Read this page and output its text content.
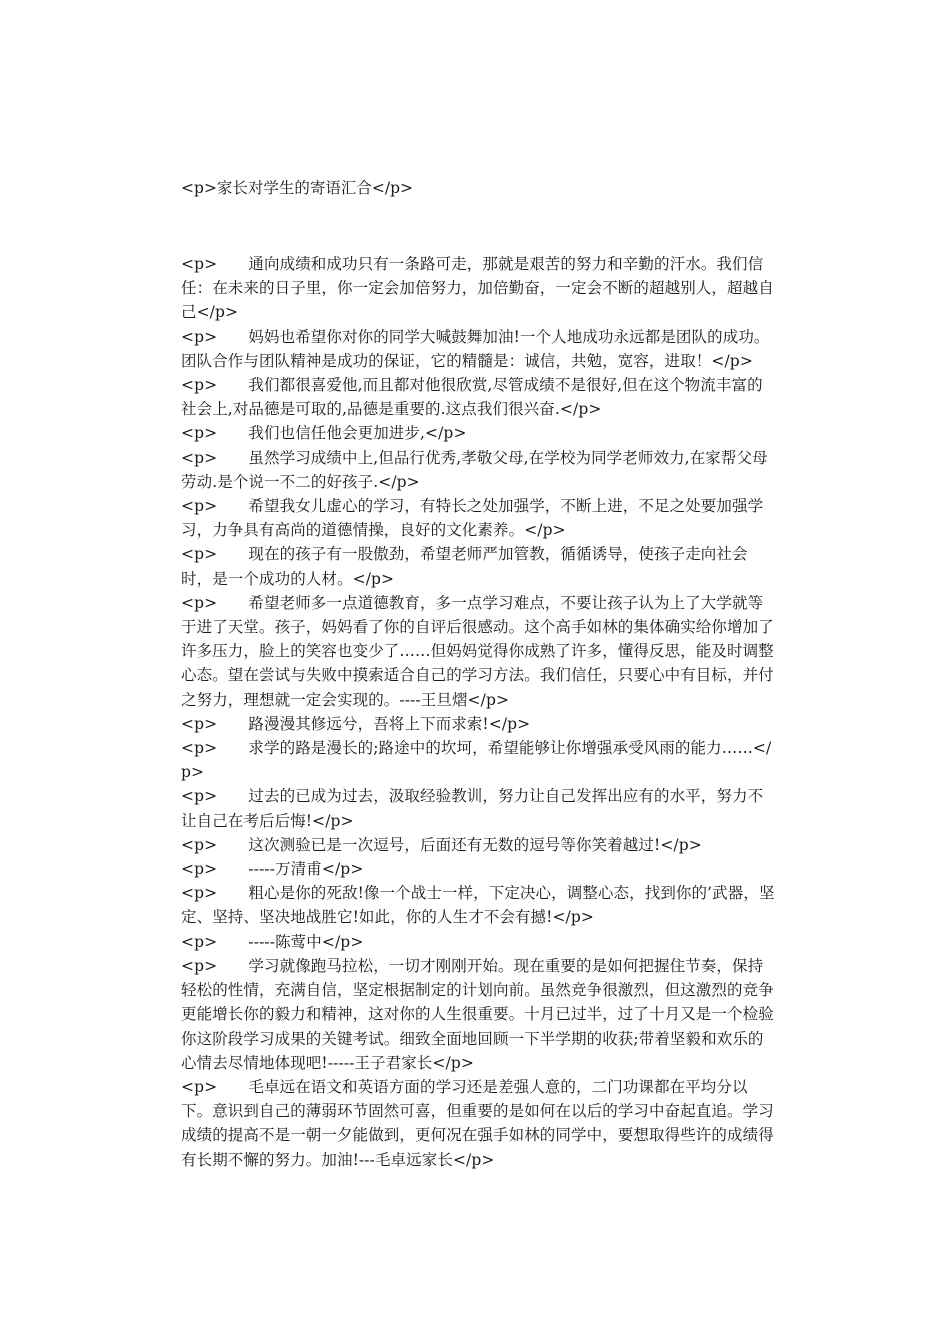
<p>家长对学生的寄语汇合</p>

<p>　　通向成绩和成功只有一条路可走，那就是艰苦的努力和辛勤的汗水。我们信任：在未来的日子里，你一定会加倍努力，加倍勤奋，一定会不断的超越别人，超越自己</p>

<p>　　妈妈也希望你对你的同学大喊鼓舞加油!一个人地成功永远都是团队的成功。团队合作与团队精神是成功的保证，它的精髓是：诚信，共勉，宽容，进取！</p>

<p>　　我们都很喜爱他,而且都对他很欣赏,尽管成绩不是很好,但在这个物流丰富的社会上,对品德是可取的,品德是重要的.这点我们很兴奋.</p>

<p>　　我们也信任他会更加进步,</p>

<p>　　虽然学习成绩中上,但品行优秀,孝敬父母,在学校为同学老师效力,在家帮父母劳动.是个说一不二的好孩子.</p>

<p>　　希望我女儿虚心的学习，有特长之处加强学，不断上进，不足之处要加强学习，力争具有高尚的道德情操，良好的文化素养。</p>

<p>　　现在的孩子有一股傲劲，希望老师严加管教，循循诱导，使孩子走向社会时，是一个成功的人材。</p>

<p>　　希望老师多一点道德教育，多一点学习难点，不要让孩子认为上了大学就等于进了天堂。孩子，妈妈看了你的自评后很感动。这个高手如林的集体确实给你增加了许多压力，脸上的笑容也变少了……但妈妈觉得你成熟了许多，懂得反思，能及时调整心态。望在尝试与失败中摸索适合自己的学习方法。我们信任，只要心中有目标，并付之努力，理想就一定会实现的。----王旦熠</p>

<p>　　路漫漫其修远兮，吾将上下而求索!</p>

<p>　　求学的路是漫长的;路途中的坎坷，希望能够让你增强承受风雨的能力……</p>

<p>　　过去的已成为过去，汲取经验教训，努力让自己发挥出应有的水平，努力不让自己在考后后悔!</p>

<p>　　这次测验已是一次逗号，后面还有无数的逗号等你笑着越过!</p>

<p>　　-----万清甫</p>

<p>　　粗心是你的死敌!像一个战士一样，下定决心，调整心态，找到你的’武器，坚定、坚持、坚决地战胜它!如此，你的人生才不会有撼!</p>

<p>　　-----陈莺中</p>

<p>　　学习就像跑马拉松，一切才刚刚开始。现在重要的是如何把握住节奏，保持轻松的性情，充满自信，坚定根据制定的计划向前。虽然竞争很激烈，但这激烈的竞争更能增长你的毅力和精神，这对你的人生很重要。十月已过半，过了十月又是一个检验你这阶段学习成果的关键考试。细致全面地回顾一下半学期的收获;带着坚毅和欢乐的心情去尽情地体现吧!-----王子君家长</p>

<p>　　毛卓远在语文和英语方面的学习还是差强人意的，二门功课都在平均分以下。意识到自己的薄弱环节固然可喜，但重要的是如何在以后的学习中奋起直追。学习成绩的提高不是一朝一夕能做到，更何况在强手如林的同学中，要想取得些许的成绩得有长期不懈的努力。加油!---毛卓远家长</p>
